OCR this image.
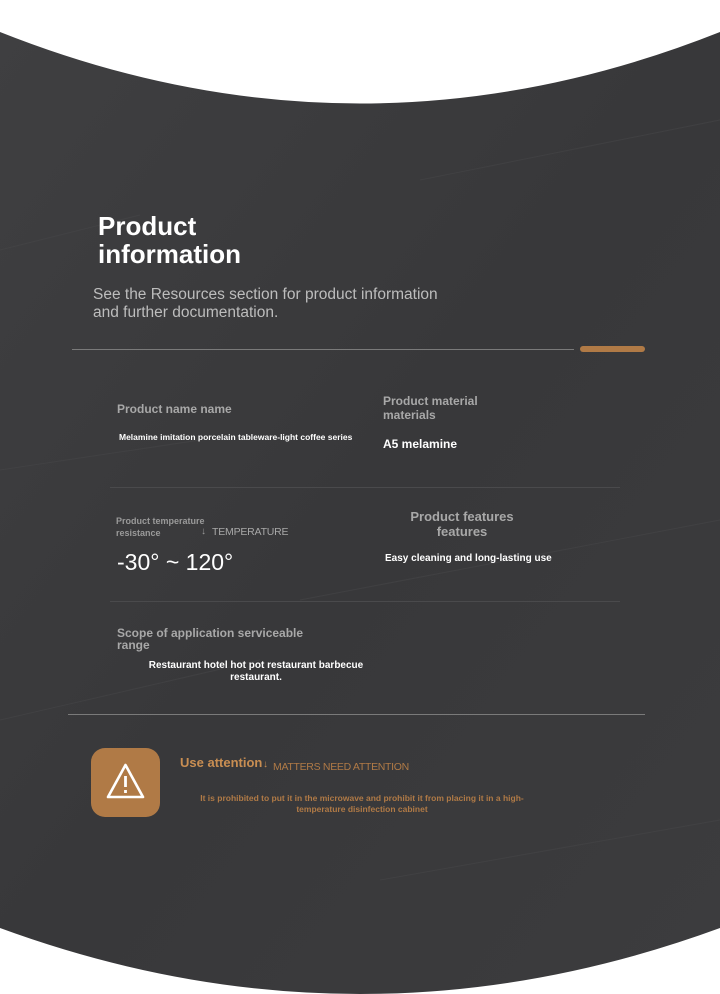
Product information

See the Resources section for product information and further documentation.

Product name name

Melamine imitation porcelain tableware-light coffee series

Product material materials

A5 melamine

Product temperature resistance	↓ TEMPERATURE

-30° ~ 120°

Product features features

Easy cleaning and long-lasting use

Scope of application serviceable range

Restaurant hotel hot pot restaurant barbecue restaurant.

Use attention ↓ MATTERS NEED ATTENTION

It is prohibited to put it in the microwave and prohibit it from placing it in a high-temperature disinfection cabinet
